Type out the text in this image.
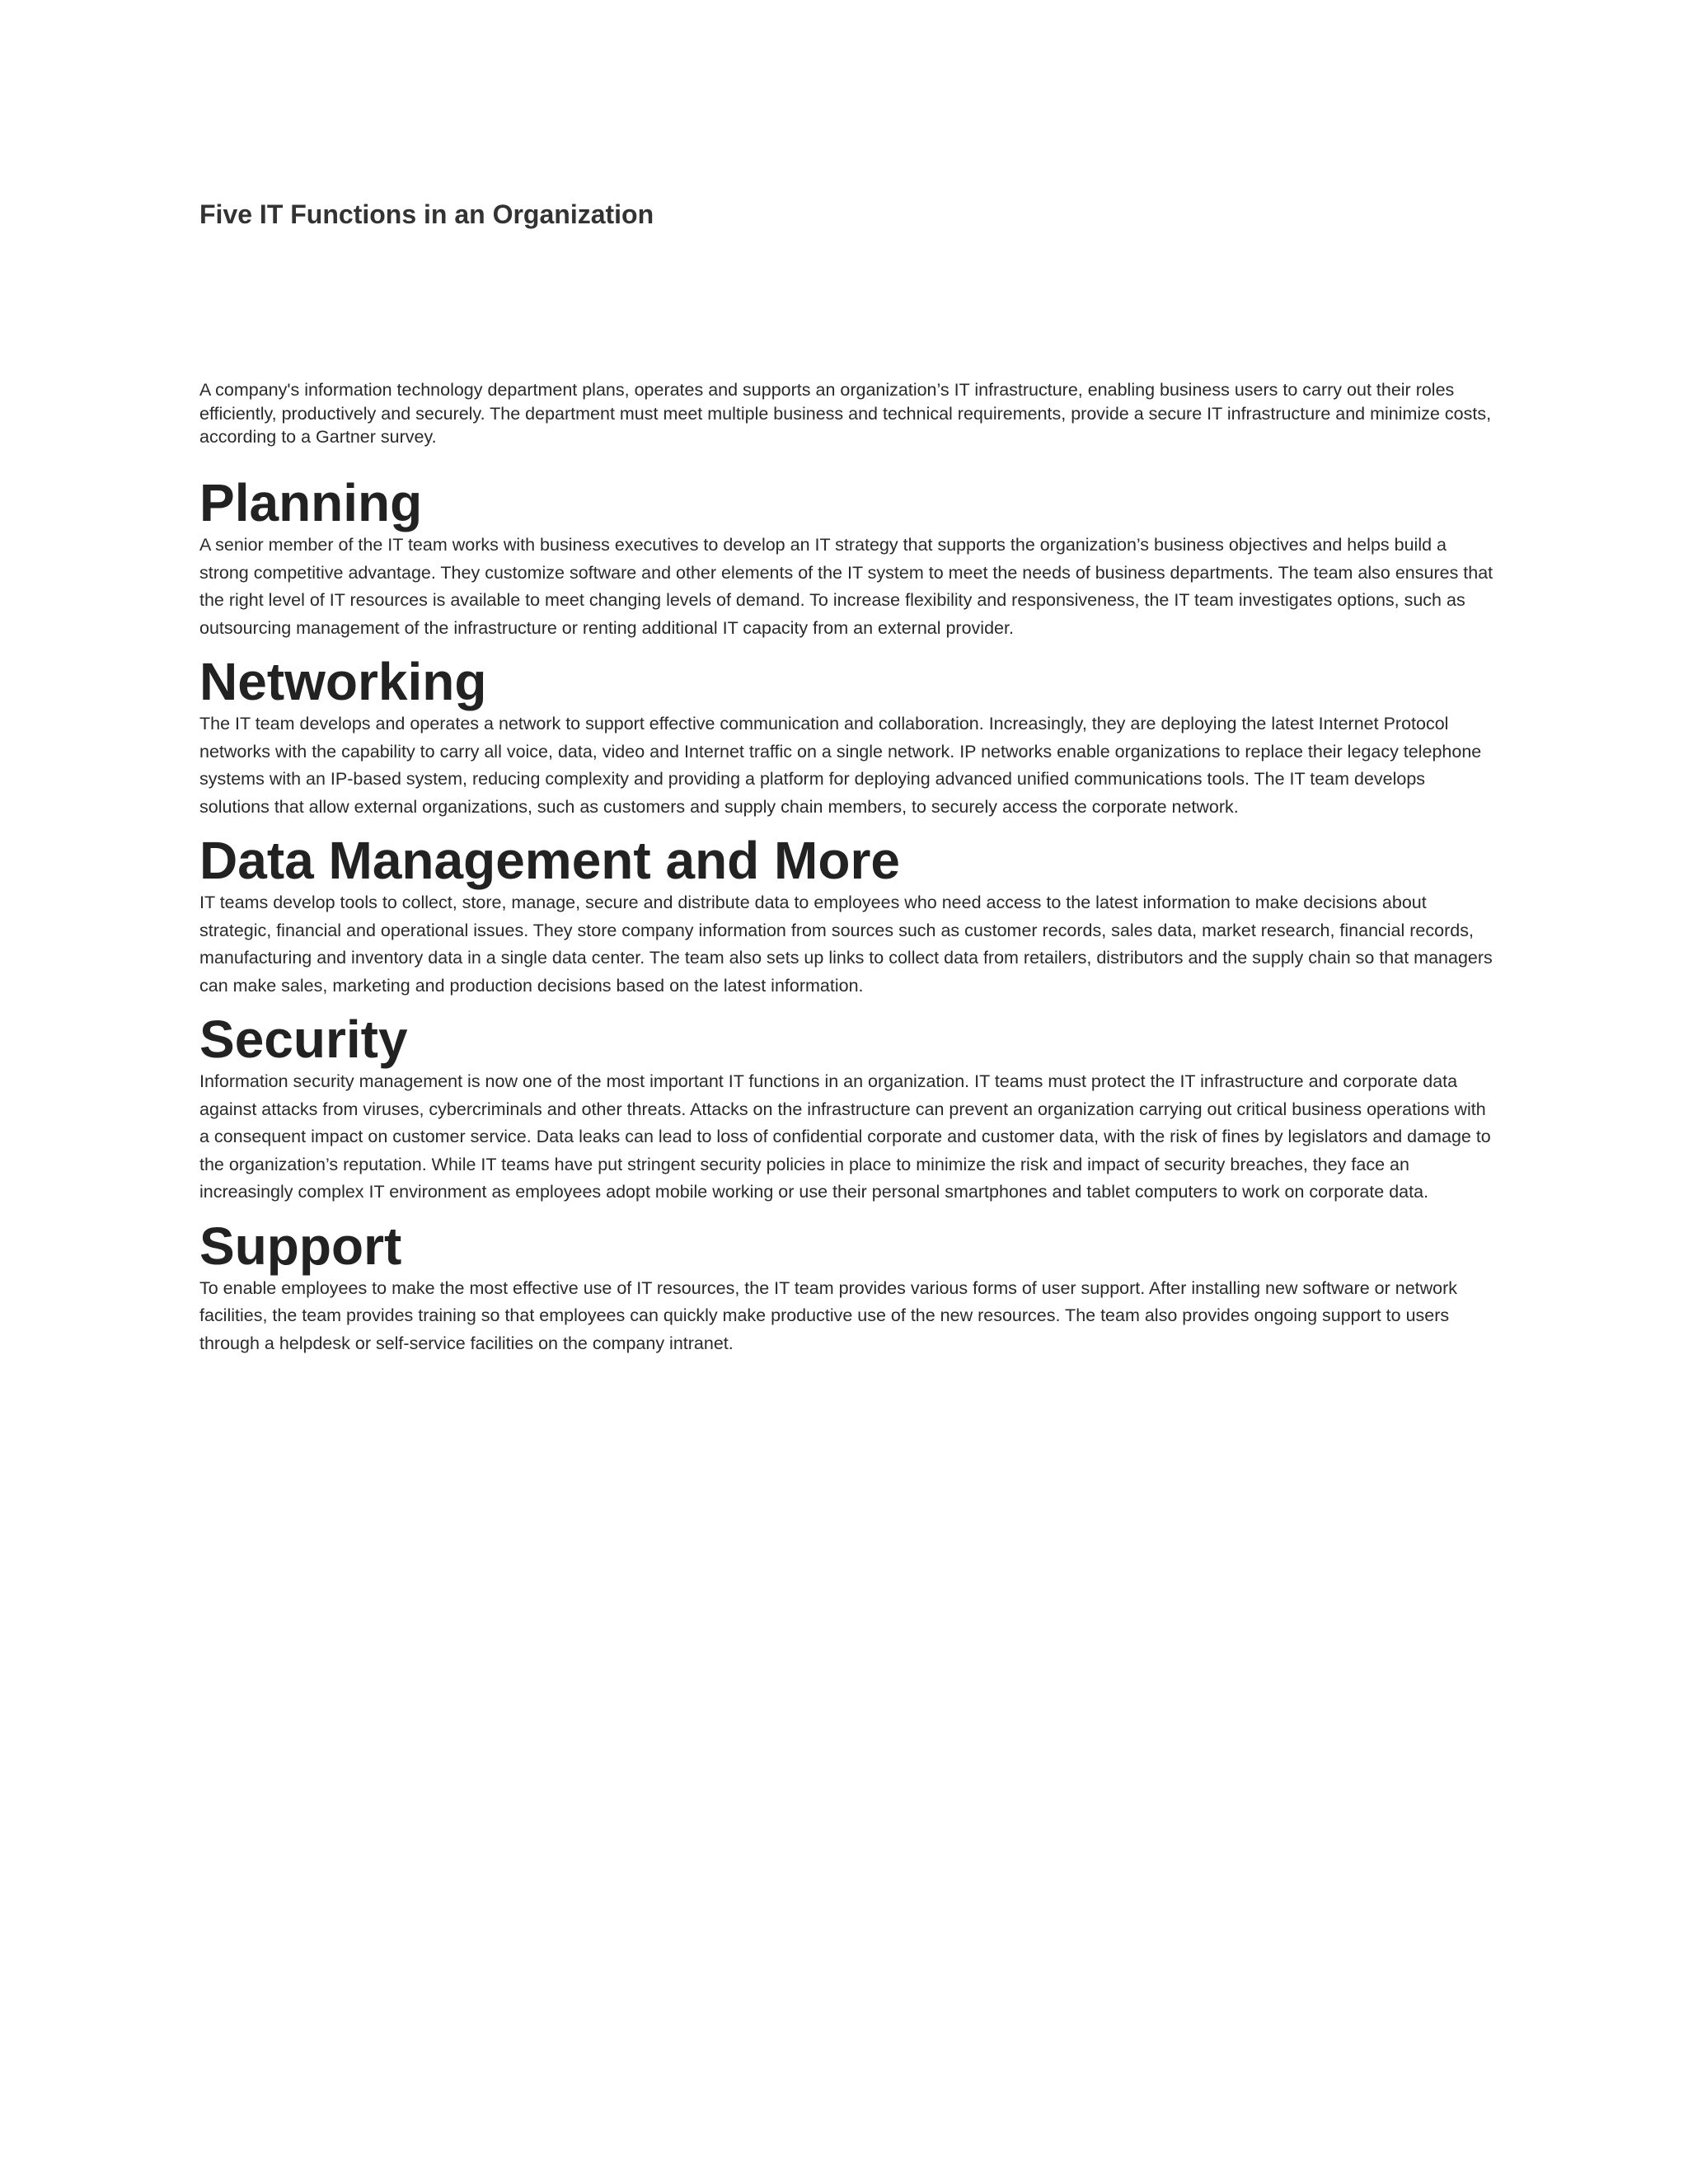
Five IT Functions in an Organization

A company's information technology department plans, operates and supports an organization’s IT infrastructure, enabling business users to carry out their roles efficiently, productively and securely. The department must meet multiple business and technical requirements, provide a secure IT infrastructure and minimize costs, according to a Gartner survey.

Planning

A senior member of the IT team works with business executives to develop an IT strategy that supports the organization’s business objectives and helps build a strong competitive advantage. They customize software and other elements of the IT system to meet the needs of business departments. The team also ensures that the right level of IT resources is available to meet changing levels of demand. To increase flexibility and responsiveness, the IT team investigates options, such as outsourcing management of the infrastructure or renting additional IT capacity from an external provider.

Networking

The IT team develops and operates a network to support effective communication and collaboration. Increasingly, they are deploying the latest Internet Protocol networks with the capability to carry all voice, data, video and Internet traffic on a single network. IP networks enable organizations to replace their legacy telephone systems with an IP-based system, reducing complexity and providing a platform for deploying advanced unified communications tools. The IT team develops solutions that allow external organizations, such as customers and supply chain members, to securely access the corporate network.

Data Management and More

IT teams develop tools to collect, store, manage, secure and distribute data to employees who need access to the latest information to make decisions about strategic, financial and operational issues. They store company information from sources such as customer records, sales data, market research, financial records, manufacturing and inventory data in a single data center. The team also sets up links to collect data from retailers, distributors and the supply chain so that managers can make sales, marketing and production decisions based on the latest information.

Security

Information security management is now one of the most important IT functions in an organization. IT teams must protect the IT infrastructure and corporate data against attacks from viruses, cybercriminals and other threats. Attacks on the infrastructure can prevent an organization carrying out critical business operations with a consequent impact on customer service. Data leaks can lead to loss of confidential corporate and customer data, with the risk of fines by legislators and damage to the organization’s reputation. While IT teams have put stringent security policies in place to minimize the risk and impact of security breaches, they face an increasingly complex IT environment as employees adopt mobile working or use their personal smartphones and tablet computers to work on corporate data.

Support

To enable employees to make the most effective use of IT resources, the IT team provides various forms of user support. After installing new software or network facilities, the team provides training so that employees can quickly make productive use of the new resources. The team also provides ongoing support to users through a helpdesk or self-service facilities on the company intranet.
